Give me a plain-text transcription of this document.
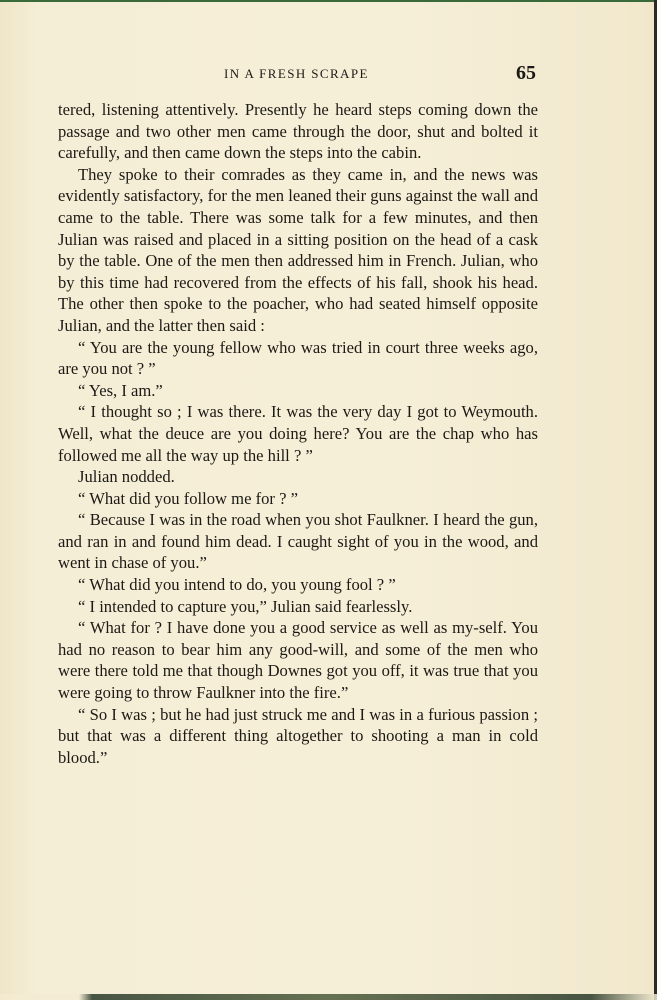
IN A FRESH SCRAPE	65

tered, listening attentively. Presently he heard steps coming down the passage and two other men came through the door, shut and bolted it carefully, and then came down the steps into the cabin.

They spoke to their comrades as they came in, and the news was evidently satisfactory, for the men leaned their guns against the wall and came to the table. There was some talk for a few minutes, and then Julian was raised and placed in a sitting position on the head of a cask by the table. One of the men then addressed him in French. Julian, who by this time had recovered from the effects of his fall, shook his head. The other then spoke to the poacher, who had seated himself opposite Julian, and the latter then said :

“ You are the young fellow who was tried in court three weeks ago, are you not ? ”

“ Yes, I am.”

“ I thought so ; I was there. It was the very day I got to Weymouth. Well, what the deuce are you doing here? You are the chap who has followed me all the way up the hill ? ”

Julian nodded.

“ What did you follow me for ? ”

“ Because I was in the road when you shot Faulkner. I heard the gun, and ran in and found him dead. I caught sight of you in the wood, and went in chase of you.”

“ What did you intend to do, you young fool ? ”

“ I intended to capture you,” Julian said fearlessly.

“ What for ? I have done you a good service as well as my-self. You had no reason to bear him any good-will, and some of the men who were there told me that though Downes got you off, it was true that you were going to throw Faulkner into the fire.”

“ So I was ; but he had just struck me and I was in a furious passion ; but that was a different thing altogether to shooting a man in cold blood.”
